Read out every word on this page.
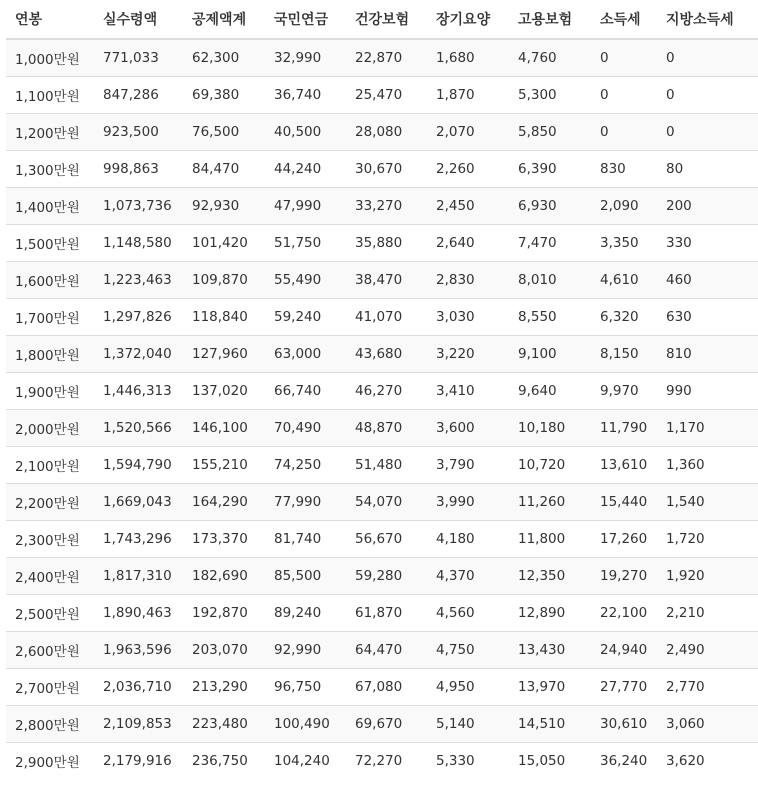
연봉	실수령액	공제액계	국민연금	건강보험	장기요양	고용보험	소득세	지방소득세
1,000만원	771,033	62,300	32,990	22,870	1,680	4,760	0	0
1,100만원	847,286	69,380	36,740	25,470	1,870	5,300	0	0
1,200만원	923,500	76,500	40,500	28,080	2,070	5,850	0	0
1,300만원	998,863	84,470	44,240	30,670	2,260	6,390	830	80
1,400만원	1,073,736	92,930	47,990	33,270	2,450	6,930	2,090	200
1,500만원	1,148,580	101,420	51,750	35,880	2,640	7,470	3,350	330
1,600만원	1,223,463	109,870	55,490	38,470	2,830	8,010	4,610	460
1,700만원	1,297,826	118,840	59,240	41,070	3,030	8,550	6,320	630
1,800만원	1,372,040	127,960	63,000	43,680	3,220	9,100	8,150	810
1,900만원	1,446,313	137,020	66,740	46,270	3,410	9,640	9,970	990
2,000만원	1,520,566	146,100	70,490	48,870	3,600	10,180	11,790	1,170
2,100만원	1,594,790	155,210	74,250	51,480	3,790	10,720	13,610	1,360
2,200만원	1,669,043	164,290	77,990	54,070	3,990	11,260	15,440	1,540
2,300만원	1,743,296	173,370	81,740	56,670	4,180	11,800	17,260	1,720
2,400만원	1,817,310	182,690	85,500	59,280	4,370	12,350	19,270	1,920
2,500만원	1,890,463	192,870	89,240	61,870	4,560	12,890	22,100	2,210
2,600만원	1,963,596	203,070	92,990	64,470	4,750	13,430	24,940	2,490
2,700만원	2,036,710	213,290	96,750	67,080	4,950	13,970	27,770	2,770
2,800만원	2,109,853	223,480	100,490	69,670	5,140	14,510	30,610	3,060
2,900만원	2,179,916	236,750	104,240	72,270	5,330	15,050	36,240	3,620
